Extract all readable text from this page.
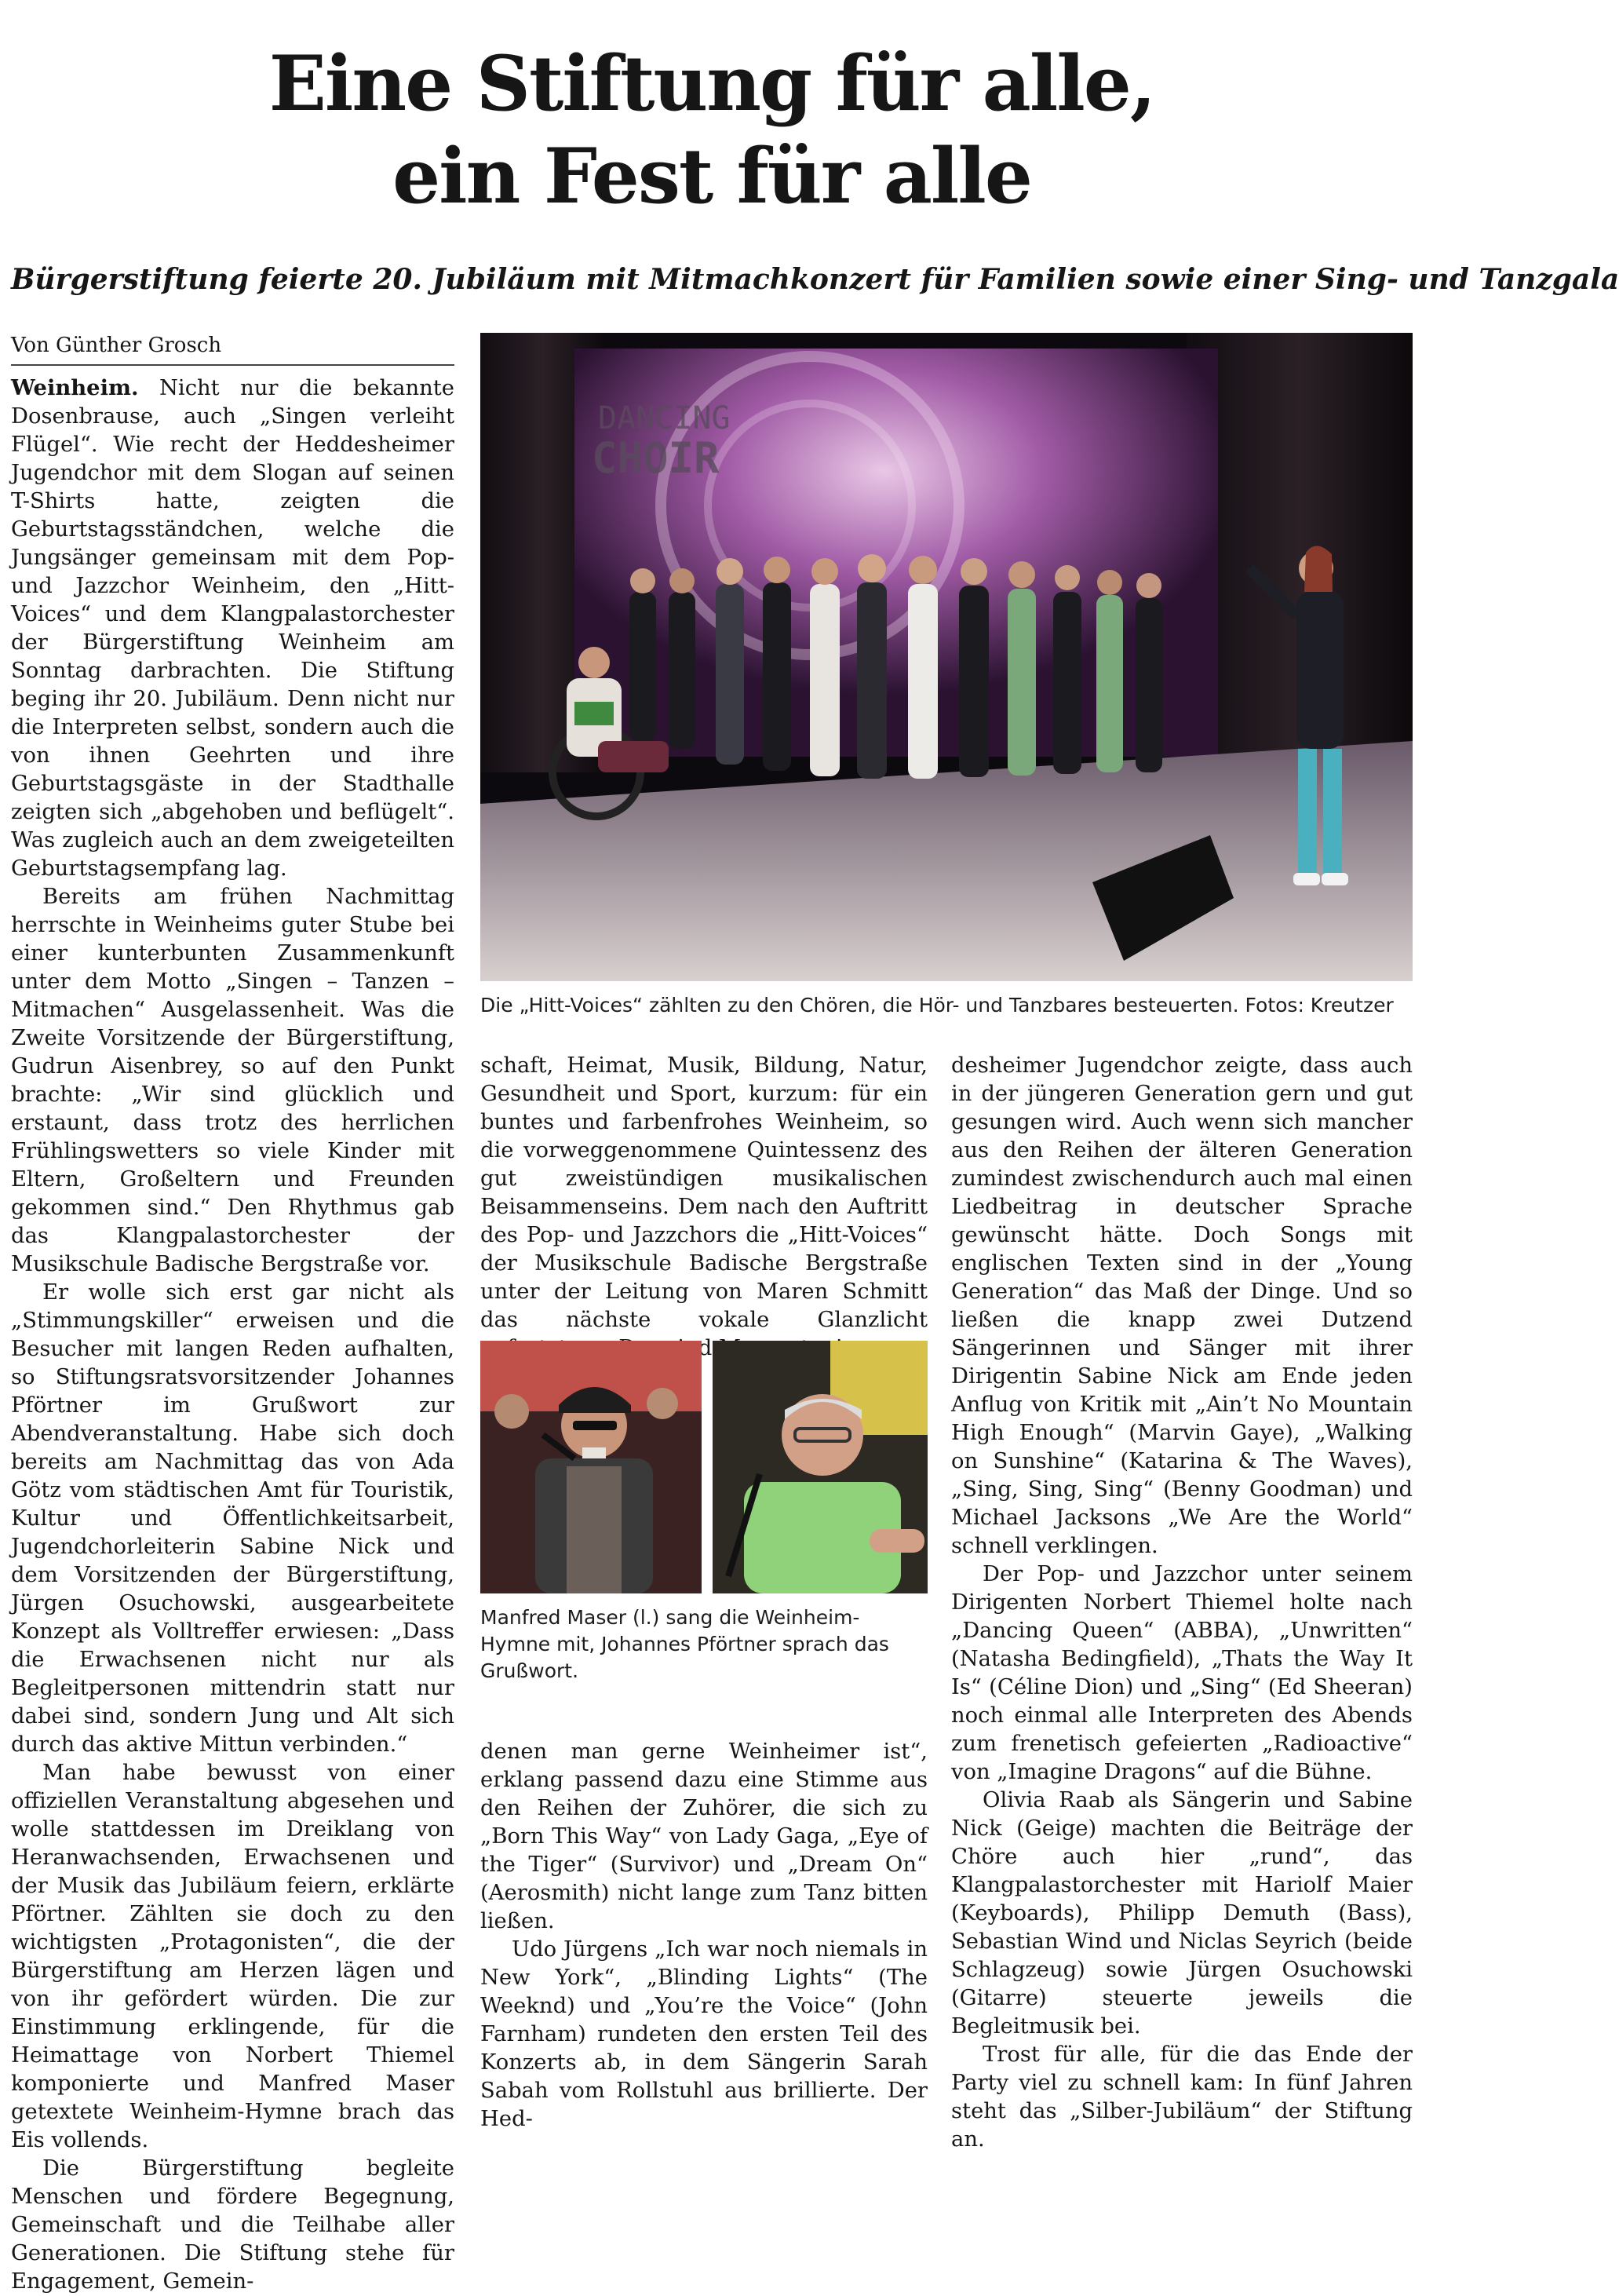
Eine Stiftung für alle,
ein Fest für alle
Bürgerstiftung feierte 20. Jubiläum mit Mitmachkonzert für Familien sowie einer Sing- und Tanzgala
Von Günther Grosch

Weinheim. Nicht nur die bekannte Dosenbrause, auch „Singen verleiht Flügel“. Wie recht der Heddesheimer Jugendchor mit dem Slogan auf seinen T-Shirts hatte, zeigten die Geburtstagsständchen, welche die Jungsänger gemeinsam mit dem Pop- und Jazzchor Weinheim, den „Hitt-Voices“ und dem Klangpalastorchester der Bürgerstiftung Weinheim am Sonntag darbrachten. Die Stiftung beging ihr 20. Jubiläum. Denn nicht nur die Interpreten selbst, sondern auch die von ihnen Geehrten und ihre Geburtstagsgäste in der Stadthalle zeigten sich „abgehoben und beflügelt“. Was zugleich auch an dem zweigeteilten Geburtstagsempfang lag.

Bereits am frühen Nachmittag herrschte in Weinheims guter Stube bei einer kunterbunten Zusammenkunft unter dem Motto „Singen – Tanzen – Mitmachen“ Ausgelassenheit. Was die Zweite Vorsitzende der Bürgerstiftung, Gudrun Aisenbrey, so auf den Punkt brachte: „Wir sind glücklich und erstaunt, dass trotz des herrlichen Frühlingswetters so viele Kinder mit Eltern, Großeltern und Freunden gekommen sind.“ Den Rhythmus gab das Klangpalastorchester der Musikschule Badische Bergstraße vor.

Er wolle sich erst gar nicht als „Stimmungskiller“ erweisen und die Besucher mit langen Reden aufhalten, so Stiftungsratsvorsitzender Johannes Pförtner im Grußwort zur Abendveranstaltung. Habe sich doch bereits am Nachmittag das von Ada Götz vom städtischen Amt für Touristik, Kultur und Öffentlichkeitsarbeit, Jugendchorleiterin Sabine Nick und dem Vorsitzenden der Bürgerstiftung, Jürgen Osuchowski, ausgearbeitete Konzept als Volltreffer erwiesen: „Dass die Erwachsenen nicht nur als Begleitpersonen mittendrin statt nur dabei sind, sondern Jung und Alt sich durch das aktive Mittun verbinden.“

Man habe bewusst von einer offiziellen Veranstaltung abgesehen und wolle stattdessen im Dreiklang von Heranwachsenden, Erwachsenen und der Musik das Jubiläum feiern, erklärte Pförtner. Zählten sie doch zu den wichtigsten „Protagonisten“, die der Bürgerstiftung am Herzen lägen und von ihr gefördert würden. Die zur Einstimmung erklingende, für die Heimattage von Norbert Thiemel komponierte und Manfred Maser getextete Weinheim-Hymne brach das Eis vollends.

Die Bürgerstiftung begleite Menschen und fördere Begegnung, Gemeinschaft und die Teilhabe aller Generationen. Die Stiftung stehe für Engagement, Gemein-

DANCING
CHOIR
Die „Hitt-Voices“ zählten zu den Chören, die Hör- und Tanzbares besteuerten. Fotos: Kreutzer

schaft, Heimat, Musik, Bildung, Natur, Gesundheit und Sport, kurzum: für ein buntes und farbenfrohes Weinheim, so die vorweggenommene Quintessenz des gut zweistündigen musikalischen Beisammenseins. Dem nach den Auftritt des Pop- und Jazzchors die „Hitt-Voices“ der Musikschule Badische Bergstraße unter der Leitung von Maren Schmitt das nächste vokale Glanzlicht

Manfred Maser (l.) sang die Weinheim-Hymne mit, Johannes Pförtner sprach das Grußwort.

denen man gerne Weinheimer ist“, erklang passend dazu eine Stimme aus den Reihen der Zuhörer, die sich zu „Born This Way“ von Lady Gaga, „Eye of the Tiger“ (Survivor) und „Dream On“ (Aerosmith) nicht lange zum Tanz bitten ließen.

Udo Jürgens „Ich war noch niemals in New York“, „Blinding Lights“ (The Weeknd) und „You’re the Voice“ (John Farnham) rundeten den ersten Teil des Konzerts ab, in dem Sängerin Sarah Sabah vom Rollstuhl aus brillierte. Der Hed-

desheimer Jugendchor zeigte, dass auch in der jüngeren Generation gern und gut gesungen wird. Auch wenn sich mancher aus den Reihen der älteren Generation zumindest zwischendurch auch mal einen Liedbeitrag in deutscher Sprache gewünscht hätte. Doch Songs mit englischen Texten sind in der „Young Generation“ das Maß der Dinge. Und so ließen die knapp zwei Dutzend Sängerinnen und Sänger mit ihrer Dirigentin Sabine Nick am Ende jeden Anflug von Kritik mit „Ain’t No Mountain High Enough“ (Marvin Gaye), „Walking on Sunshine“ (Katarina & The Waves), „Sing, Sing, Sing“ (Benny Goodman) und Michael Jacksons „We Are the World“ schnell verklingen.

Der Pop- und Jazzchor unter seinem Dirigenten Norbert Thiemel holte nach „Dancing Queen“ (ABBA), „Unwritten“ (Natasha Bedingfield), „Thats the Way It Is“ (Céline Dion) und „Sing“ (Ed Sheeran) noch einmal alle Interpreten des Abends zum frenetisch gefeierten „Radioactive“ von „Imagine Dragons“ auf die Bühne.

Olivia Raab als Sängerin und Sabine Nick (Geige) machten die Beiträge der Chöre auch hier „rund“, das Klangpalastorchester mit Hariolf Maier (Keyboards), Philipp Demuth (Bass), Sebastian Wind und Niclas Seyrich (beide Schlagzeug) sowie Jürgen Osuchowski (Gitarre) steuerte jeweils die Begleitmusik bei.

Trost für alle, für die das Ende der Party viel zu schnell kam: In fünf Jahren steht das „Silber-Jubiläum“ der Stiftung an.
